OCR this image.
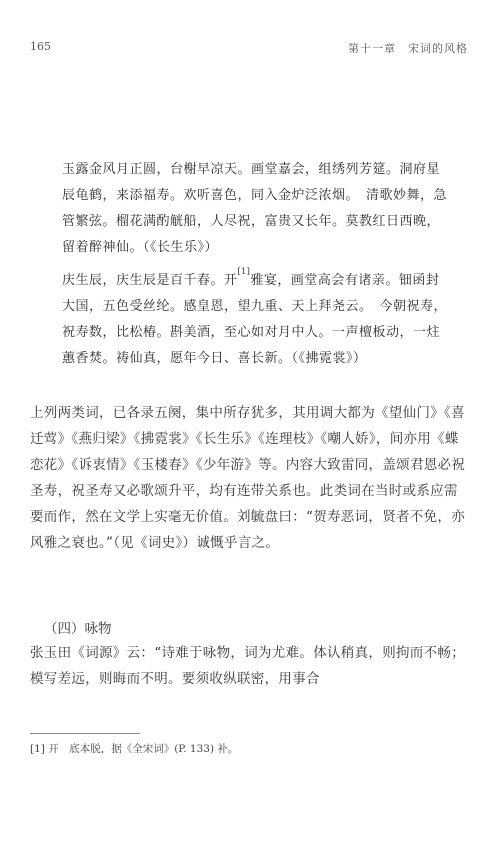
165	第十一章　宋词的风格

玉露金风月正圆，台榭早凉天。画堂嘉会，组绣列芳筵。洞府星辰龟鹤，来添福寿。欢听喜色，同入金炉泛浓烟。　清歌妙舞，急管繁弦。榴花满酌觥船，人尽祝，富贵又长年。莫教红日西晚，留着醉神仙。（《长生乐》）

庆生辰，庆生辰是百千春。开[1]雅宴，画堂高会有诸亲。钿函封大国，五色受丝纶。感皇恩，望九重、天上拜尧云。　今朝祝寿，祝寿数，比松椿。斟美酒，至心如对月中人。一声檀板动，一炷蕙香焚。祷仙真，愿年今日、喜长新。（《拂霓裳》）

上列两类词，已各录五阕，集中所存犹多，其用调大都为《望仙门》《喜迁莺》《燕归梁》《拂霓裳》《长生乐》《连理枝》《嘲人娇》，间亦用《蝶恋花》《诉衷情》《玉楼春》《少年游》等。内容大致雷同，盖颂君恩必祝圣寿，祝圣寿又必歌颂升平，均有连带关系也。此类词在当时或系应需要而作，然在文学上实毫无价值。刘毓盘曰：“贺寿恶词，贤者不免，亦风雅之衰也。”（见《词史》）诚慨乎言之。

（四）咏物

张玉田《词源》云：“诗难于咏物，词为尤难。体认稍真，则拘而不畅；模写差远，则晦而不明。要须收纵联密，用事合

[1] 开　底本脱，据《全宋词》(P. 133) 补。
